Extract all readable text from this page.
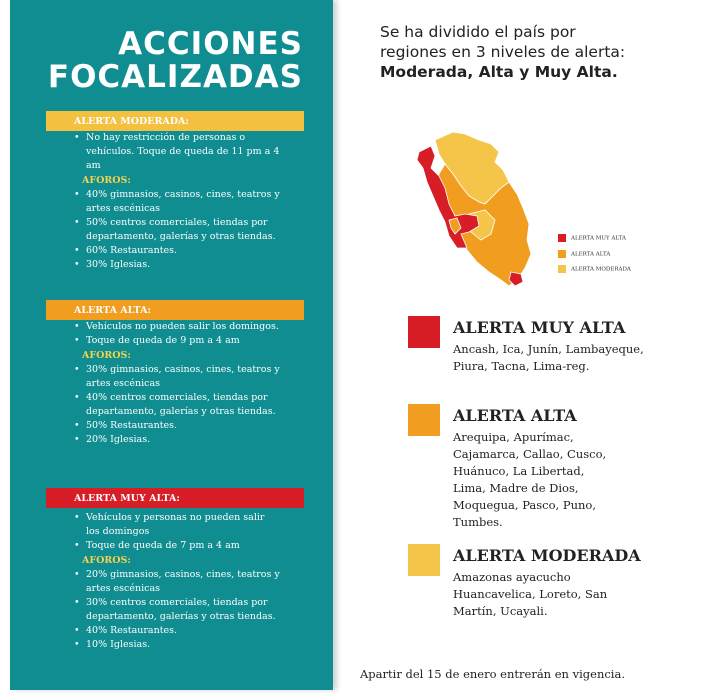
ACCIONES
FOCALIZADAS
ALERTA MODERADA:
• No hay restricción de personas o vehículos. Toque de queda de 11 pm a 4 am
AFOROS:
• 40% gimnasios, casinos, cines, teatros y artes escénicas
• 50% centros comerciales, tiendas por departamento, galerías y otras tiendas.
• 60% Restaurantes.
• 30% Iglesias.
ALERTA ALTA:
• Vehículos no pueden salir los domingos.
• Toque de queda de 9 pm a 4 am
AFOROS:
• 30% gimnasios, casinos, cines, teatros y artes escénicas
• 40% centros comerciales, tiendas por departamento, galerías y otras tiendas.
• 50% Restaurantes.
• 20% Iglesias.
ALERTA MUY ALTA:
• Vehículos y personas no pueden salir los domingos
• Toque de queda de 7 pm a 4 am
AFOROS:
• 20% gimnasios, casinos, cines, teatros y artes escénicas
• 30% centros comerciales, tiendas por departamento, galerías y otras tiendas.
• 40% Restaurantes.
• 10% Iglesias.
Se ha dividido el país por
regiones en 3 niveles de alerta:
Moderada, Alta y Muy Alta.
ALERTA MUY ALTA
ALERTA ALTA
ALERTA MODERADA
ALERTA MUY ALTA
Ancash, Ica, Junín, Lambayeque, Piura, Tacna, Lima-reg.
ALERTA ALTA
Arequipa, Apurímac, Cajamarca, Callao, Cusco, Huánuco, La Libertad, Lima, Madre de Dios, Moquegua, Pasco, Puno, Tumbes.
ALERTA MODERADA
Amazonas ayacucho Huancavelica, Loreto, San Martín, Ucayali.
Apartir del 15 de enero entrerán en vigencia.
